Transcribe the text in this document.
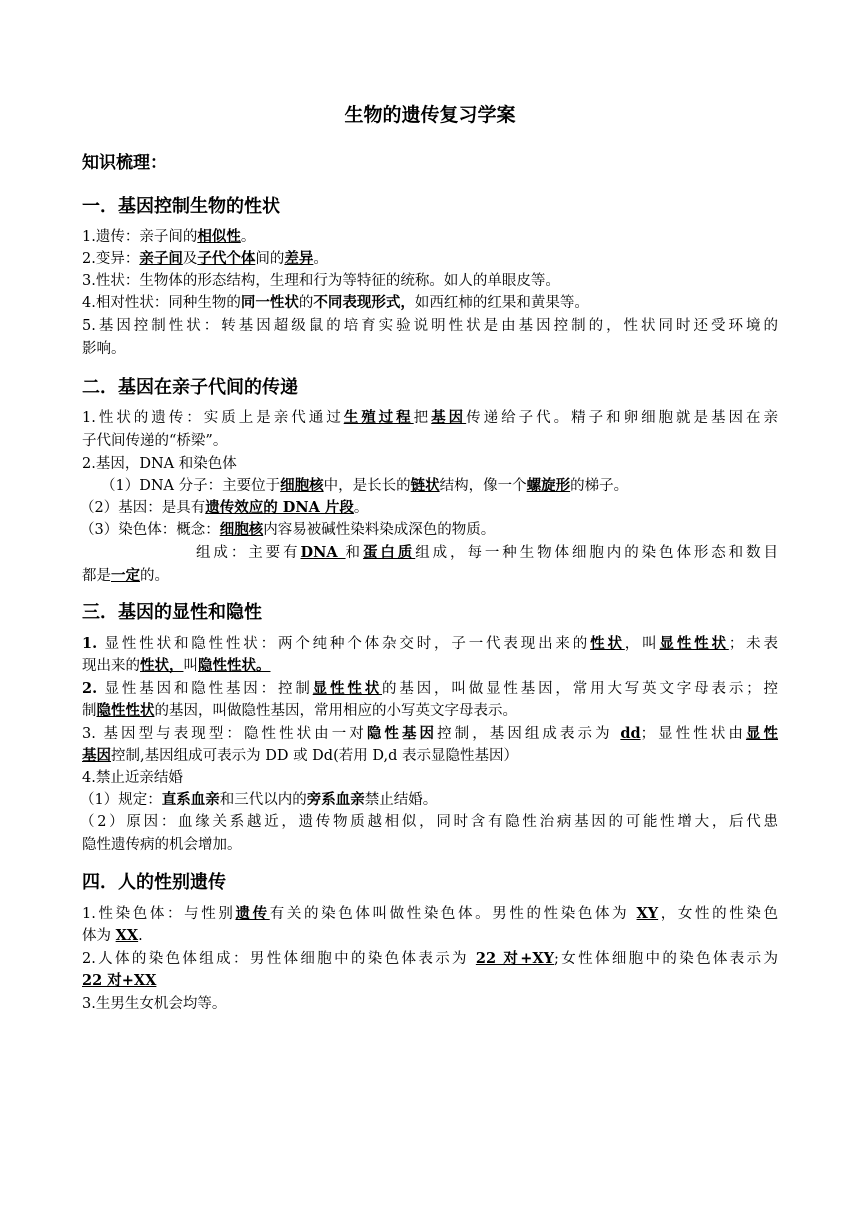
生物的遗传复习学案
知识梳理：
一．基因控制生物的性状
1.遗传：亲子间的相似性。
2.变异：亲子间及子代个体间的差异。
3.性状：生物体的形态结构，生理和行为等特征的统称。如人的单眼皮等。
4.相对性状：同种生物的同一性状的不同表现形式，如西红柿的红果和黄果等。
5.基因控制性状：转基因超级鼠的培育实验说明性状是由基因控制的，性状同时还受环境的
影响。
二．基因在亲子代间的传递
1.性状的遗传：实质上是亲代通过生殖过程把基因传递给子代。精子和卵细胞就是基因在亲
子代间传递的“桥梁”。
2.基因，DNA 和染色体
（1）DNA 分子：主要位于细胞核中，是长长的链状结构，像一个螺旋形的梯子。
（2）基因：是具有遗传效应的 DNA 片段。
（3）染色体：概念：细胞核内容易被碱性染料染成深色的物质。
组成：主要有DNA 和蛋白质组成，每一种生物体细胞内的染色体形态和数目
都是一定的。
三．基因的显性和隐性
1. 显性性状和隐性性状：两个纯种个体杂交时，子一代表现出来的性状，叫显性性状；未表
现出来的性状，叫隐性性状。
2. 显性基因和隐性基因：控制显性性状的基因，叫做显性基因，常用大写英文字母表示；控
制隐性性状的基因，叫做隐性基因，常用相应的小写英文字母表示。
3. 基因型与表现型：隐性性状由一对隐性基因控制，基因组成表示为 dd；显性性状由显性
基因控制,基因组成可表示为 DD 或 Dd(若用 D,d 表示显隐性基因）
4.禁止近亲结婚
（1）规定：直系血亲和三代以内的旁系血亲禁止结婚。
（2）原因：血缘关系越近，遗传物质越相似，同时含有隐性治病基因的可能性增大，后代患
隐性遗传病的机会增加。
四．人的性别遗传
1.性染色体：与性别遗传有关的染色体叫做性染色体。男性的性染色体为 XY，女性的性染色
体为 XX.
2.人体的染色体组成：男性体细胞中的染色体表示为 22 对+XY;女性体细胞中的染色体表示为
22 对+XX
3.生男生女机会均等。
